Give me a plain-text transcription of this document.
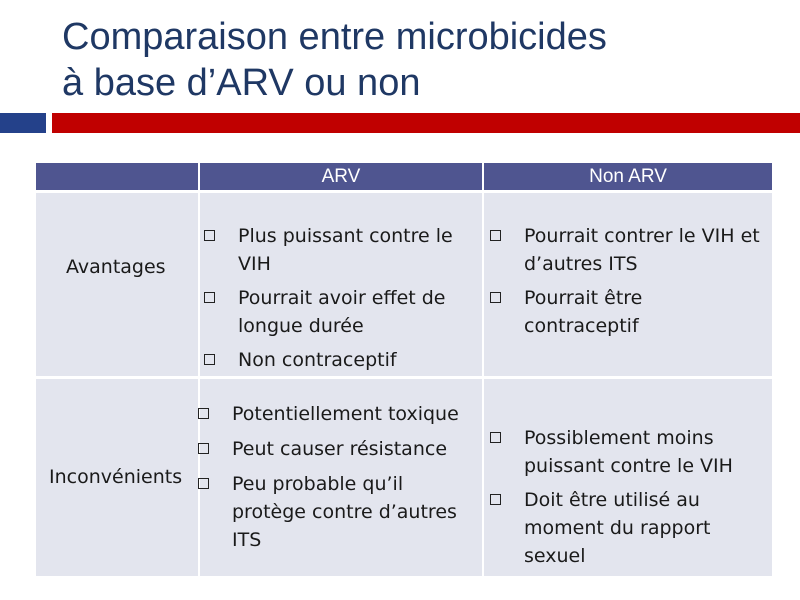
Comparaison entre microbicides
à base d’ARV ou non
ARV	Non ARV
Avantages
Plus puissant contre le VIH
Pourrait avoir effet de longue durée
Non contraceptif
Pourrait contrer le VIH et d’autres ITS
Pourrait être contraceptif
Inconvénients
Potentiellement toxique
Peut causer résistance
Peu probable qu’il protège contre d’autres ITS
Possiblement moins puissant contre le VIH
Doit être utilisé au moment du rapport sexuel
